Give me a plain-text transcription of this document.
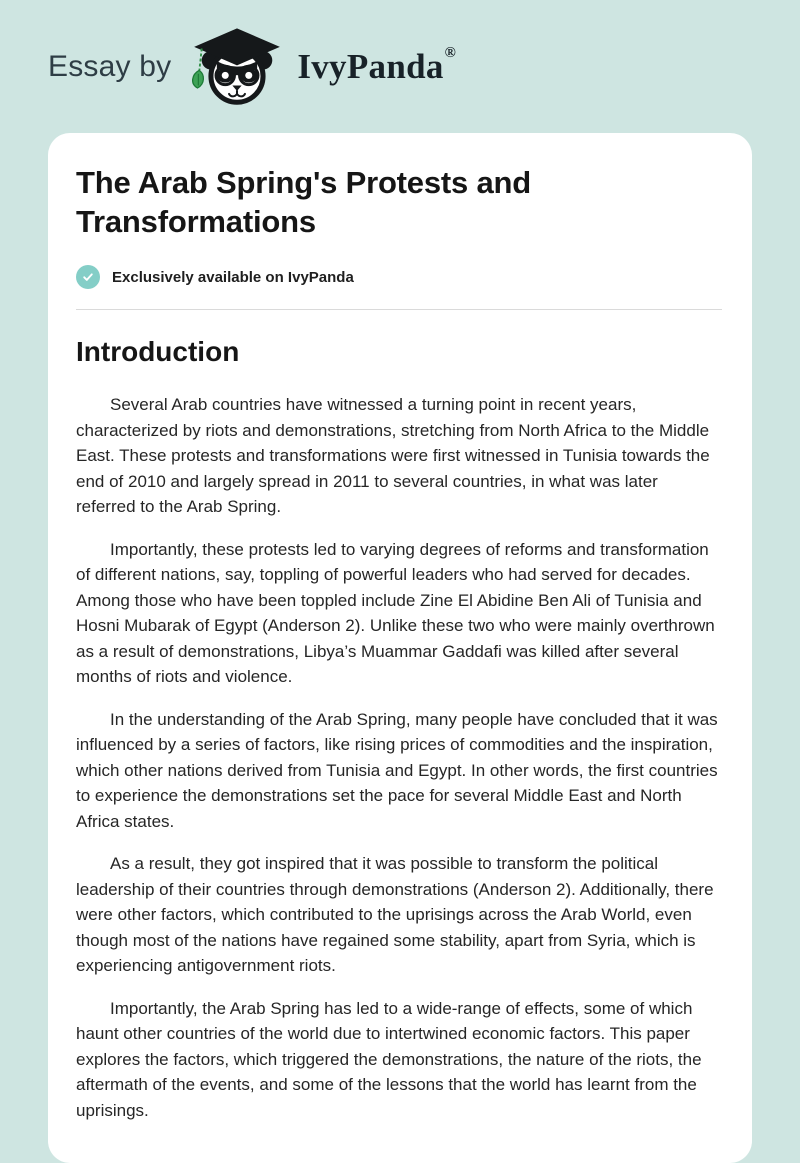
Essay by	IvyPanda ®
The Arab Spring's Protests and Transformations
Exclusively available on IvyPanda
Introduction

Several Arab countries have witnessed a turning point in recent years, characterized by riots and demonstrations, stretching from North Africa to the Middle East. These protests and transformations were first witnessed in Tunisia towards the end of 2010 and largely spread in 2011 to several countries, in what was later referred to the Arab Spring.

Importantly, these protests led to varying degrees of reforms and transformation of different nations, say, toppling of powerful leaders who had served for decades. Among those who have been toppled include Zine El Abidine Ben Ali of Tunisia and Hosni Mubarak of Egypt (Anderson 2). Unlike these two who were mainly overthrown as a result of demonstrations, Libya’s Muammar Gaddafi was killed after several months of riots and violence.

In the understanding of the Arab Spring, many people have concluded that it was influenced by a series of factors, like rising prices of commodities and the inspiration, which other nations derived from Tunisia and Egypt. In other words, the first countries to experience the demonstrations set the pace for several Middle East and North Africa states.

As a result, they got inspired that it was possible to transform the political leadership of their countries through demonstrations (Anderson 2). Additionally, there were other factors, which contributed to the uprisings across the Arab World, even though most of the nations have regained some stability, apart from Syria, which is experiencing antigovernment riots.

Importantly, the Arab Spring has led to a wide-range of effects, some of which haunt other countries of the world due to intertwined economic factors. This paper explores the factors, which triggered the demonstrations, the nature of the riots, the aftermath of the events, and some of the lessons that the world has learnt from the uprisings.
